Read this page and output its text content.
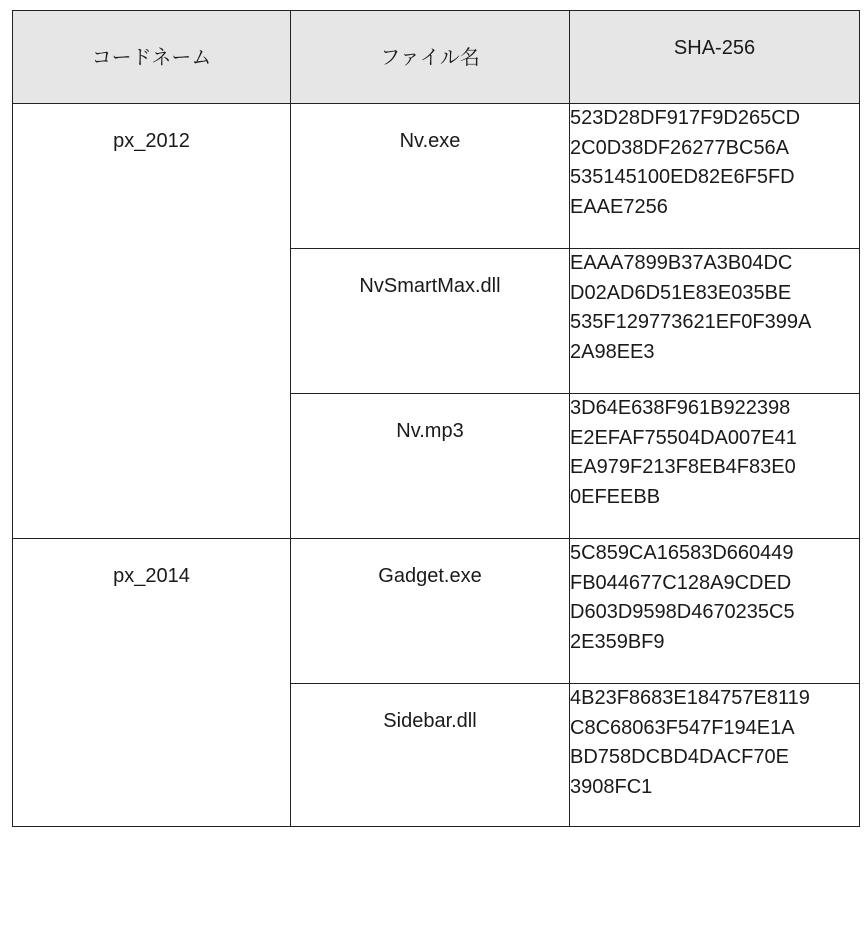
コードネーム	ファイル名	SHA-256

px_2012	Nv.exe	523D28DF917F9D265CD
2C0D38DF26277BC56A
535145100ED82E6F5FD
EAAE7256

	NvSmartMax.dll	EAAA7899B37A3B04DC
D02AD6D51E83E035BE
535F129773621EF0F399A
2A98EE3

	Nv.mp3	3D64E638F961B922398
E2EFAF75504DA007E41
EA979F213F8EB4F83E0
0EFEEBB

px_2014	Gadget.exe	5C859CA16583D660449
FB044677C128A9CDED
D603D9598D4670235C5
2E359BF9

	Sidebar.dll	4B23F8683E184757E8119
C8C68063F547F194E1A
BD758DCBD4DACF70E
3908FC1
